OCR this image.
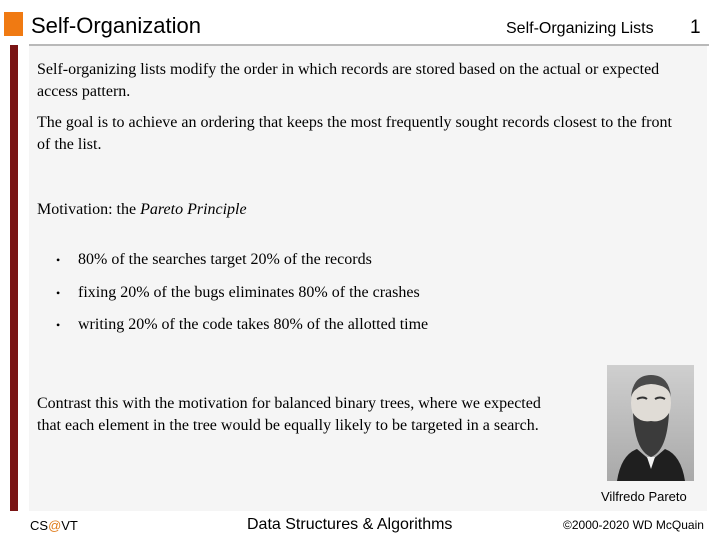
Self-Organization	Self-Organizing Lists 1

Self-organizing lists modify the order in which records are stored based on the actual or expected access pattern.

The goal is to achieve an ordering that keeps the most frequently sought records closest to the front of the list.

Motivation: the Pareto Principle
• 80% of the searches target 20% of the records
• fixing 20% of the bugs eliminates 80% of the crashes
• writing 20% of the code takes 80% of the allotted time

Contrast this with the motivation for balanced binary trees, where we expected that each element in the tree would be equally likely to be targeted in a search.

Vilfredo Pareto
CS@VT	Data Structures & Algorithms	©2000-2020 WD McQuain
